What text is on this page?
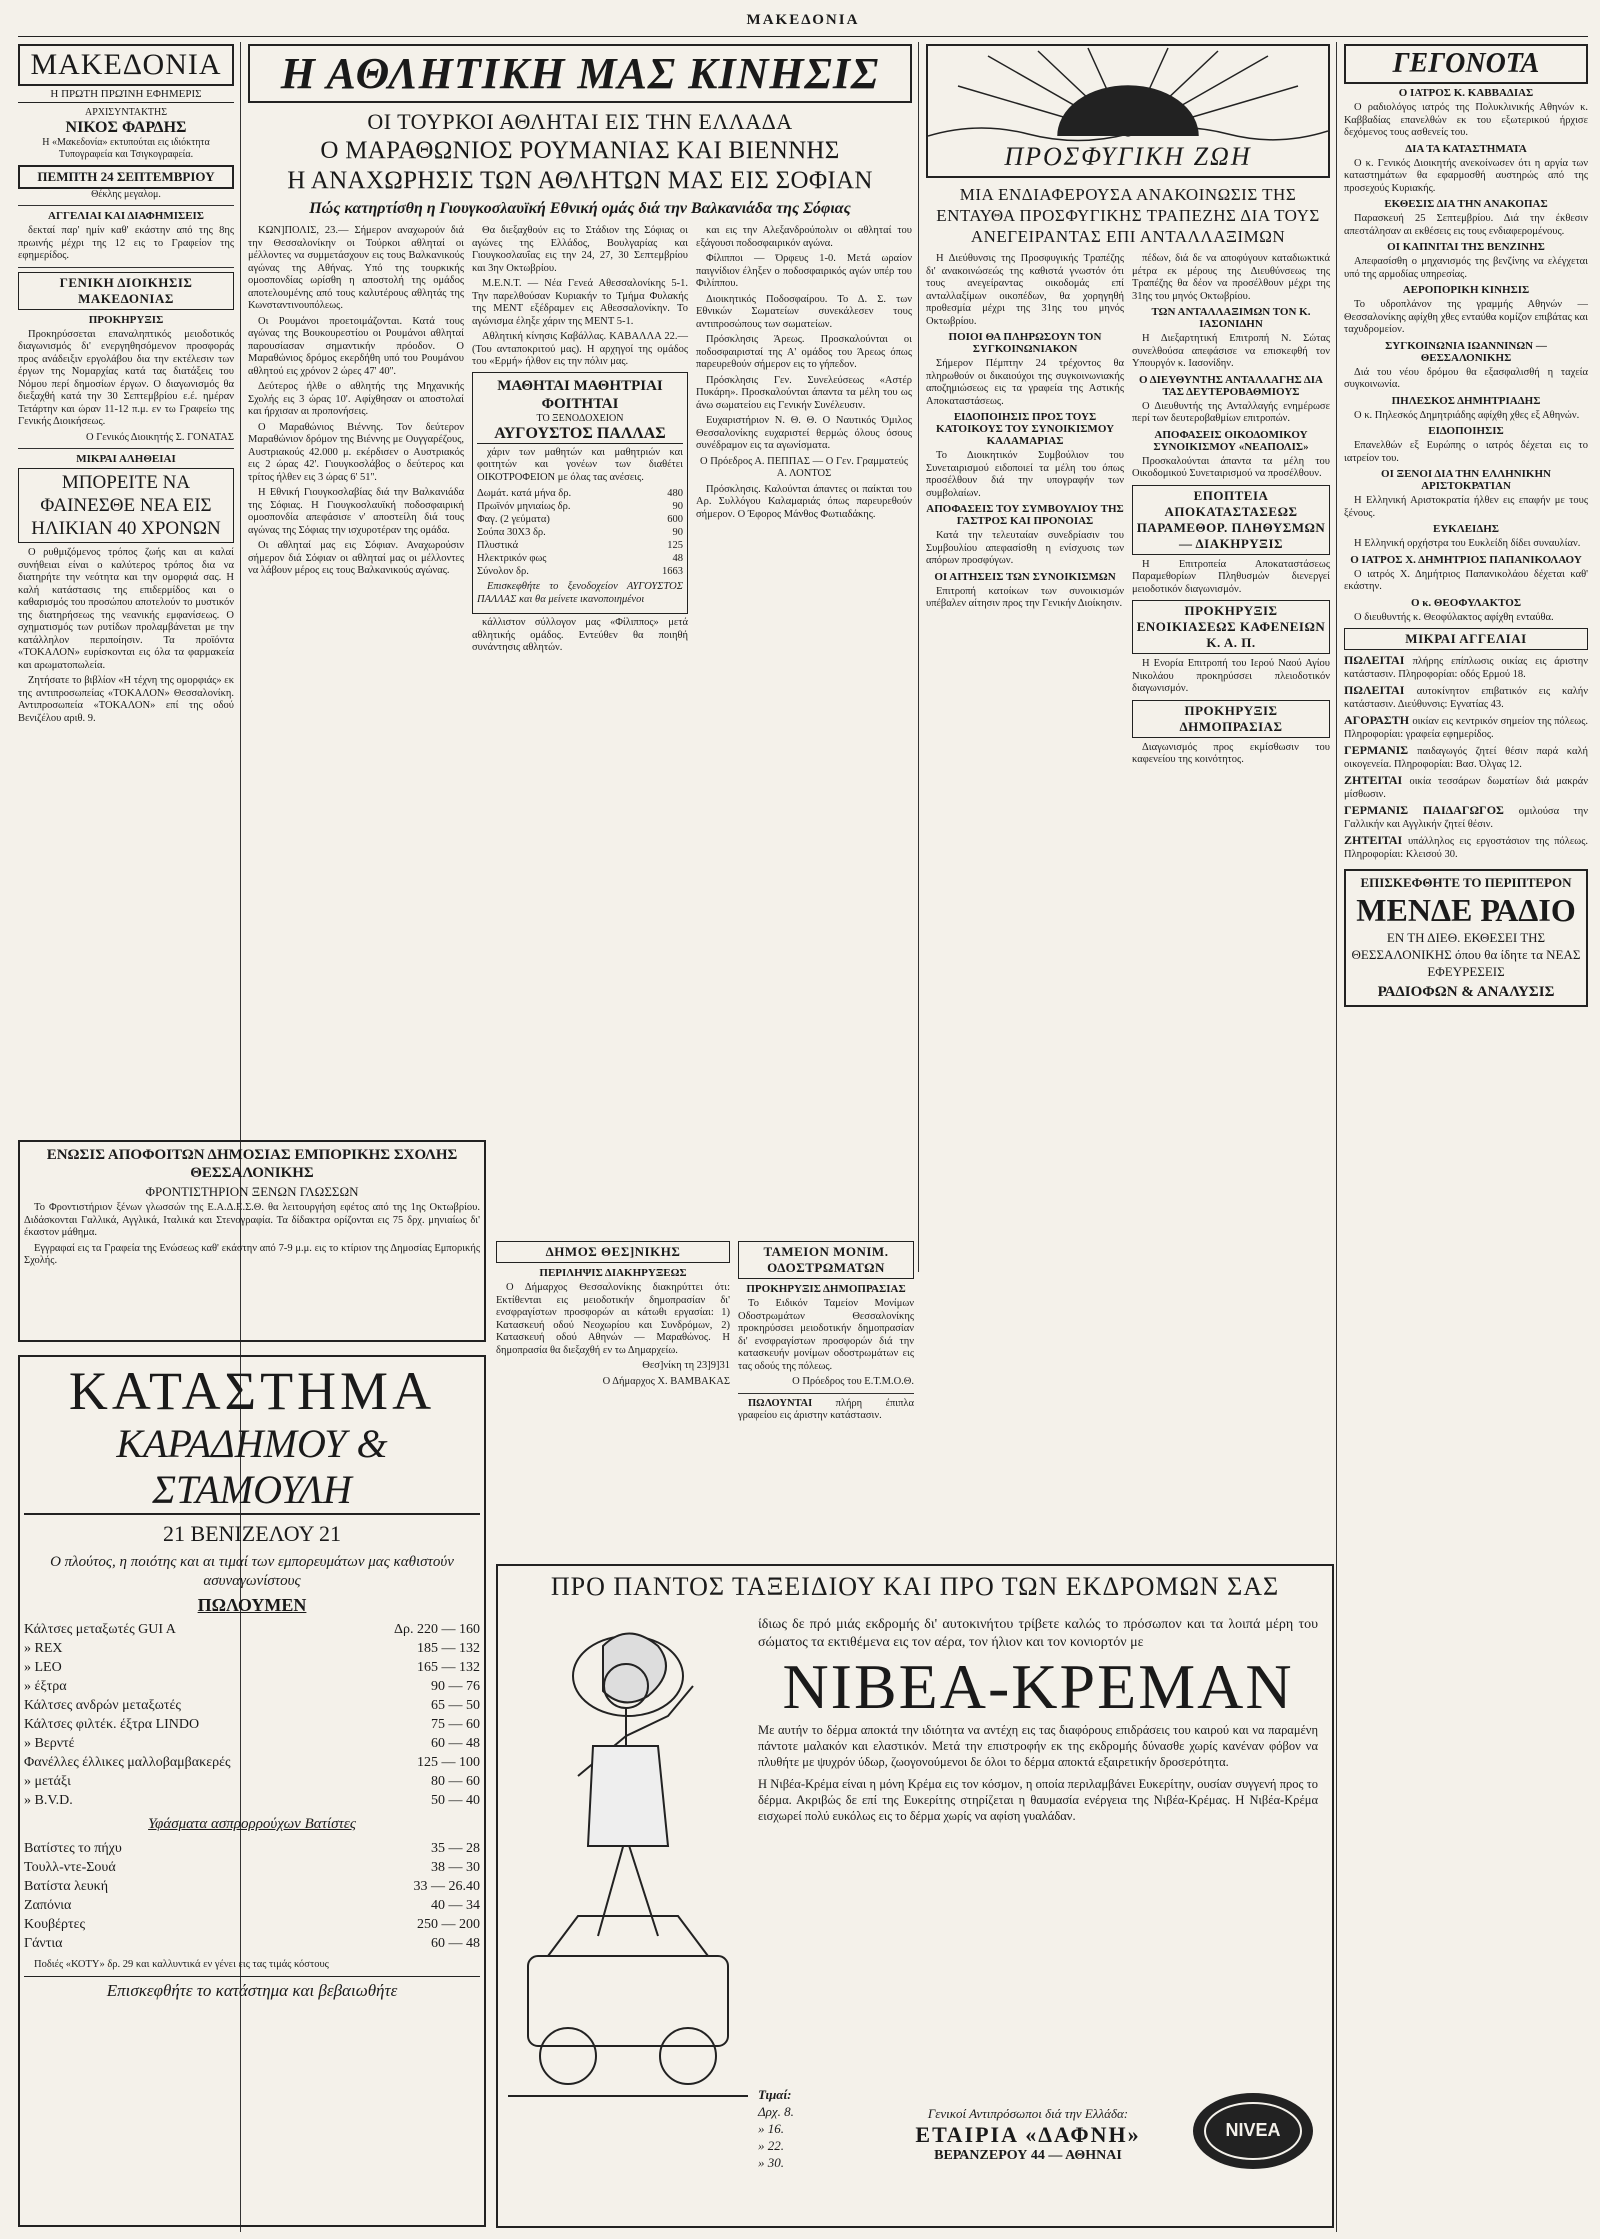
ΜΑΚΕΔΟΝΙΑ
ΜΑΚΕΔΟΝΙΑ
Η ΠΡΩΤΗ ΠΡΩΊΝΗ ΕΦΗΜΕΡΙΣ
ΑΡΧΙΣΥΝΤΑΚΤΗΣ
ΝΙΚΟΣ ΦΑΡΔΗΣ
Η «Μακεδονία» εκτυπούται εις ιδιόκτητα Τυπογραφεία και Τσιγκογραφεία.
ΠΕΜΠΤΗ 24 ΣΕΠΤΕΜΒΡΙΟΥ
Θέκλης μεγαλομ.
ΑΓΓΕΛΙΑΙ ΚΑΙ ΔΙΑΦΗΜΙΣΕΙΣ

δεκταί παρ' ημίν καθ' εκάστην από της 8ης πρωινής μέχρι της 12 εις το Γραφείον της εφημερίδος.

ΓΕΝΙΚΗ ΔΙΟΙΚΗΣΙΣ ΜΑΚΕΔΟΝΙΑΣ
ΠΡΟΚΗΡΥΞΙΣ

Προκηρύσσεται επαναληπτικός μειοδοτικός διαγωνισμός δι' ενεργηθησόμενον προσφοράς προς ανάδειξιν εργολάβου δια την εκτέλεσιν των έργων της Νομαρχίας κατά τας διατάξεις του Νόμου περί δημοσίων έργων. Ο διαγωνισμός θα διεξαχθή κατά την 30 Σεπτεμβρίου ε.έ. ημέραν Τετάρτην και ώραν 11-12 π.μ. εν τω Γραφείω της Γενικής Διοικήσεως.

Ο Γενικός Διοικητής Σ. ΓΟΝΑΤΑΣ

ΜΙΚΡΑΙ ΑΛΗΘΕΙΑΙ
ΜΠΟΡΕΙΤΕ ΝΑ ΦΑΙΝΕΣΘΕ ΝΕΑ ΕΙΣ ΗΛΙΚΙΑΝ 40 ΧΡΟΝΩΝ

Ο ρυθμιζόμενος τρόπος ζωής και αι καλαί συνήθειαι είναι ο καλύτερος τρόπος δια να διατηρήτε την νεότητα και την ομορφιά σας. Η καλή κατάστασις της επιδερμίδος και ο καθαρισμός του προσώπου αποτελούν το μυστικόν της διατηρήσεως της νεανικής εμφανίσεως. Ο σχηματισμός των ρυτίδων προλαμβάνεται με την κατάλληλον περιποίησιν. Τα προϊόντα «ΤΟΚΑΛΟΝ» ευρίσκονται εις όλα τα φαρμακεία και αρωματοπωλεία.

Ζητήσατε το βιβλίον «Η τέχνη της ομορφιάς» εκ της αντιπροσωπείας «ΤΟΚΑΛΟΝ» Θεσσαλονίκη. Αντιπροσωπεία «ΤΟΚΑΛΟΝ» επί της οδού Βενιζέλου αριθ. 9.

Η ΑΘΛΗΤΙΚΗ ΜΑΣ ΚΙΝΗΣΙΣ
ΟΙ ΤΟΥΡΚΟΙ ΑΘΛΗΤΑΙ ΕΙΣ ΤΗΝ ΕΛΛΑΔΑ
Ο ΜΑΡΑΘΩΝΙΟΣ ΡΟΥΜΑΝΙΑΣ ΚΑΙ ΒΙΕΝΝΗΣ
Η ΑΝΑΧΩΡΗΣΙΣ ΤΩΝ ΑΘΛΗΤΩΝ ΜΑΣ ΕΙΣ ΣΟΦΙΑΝ
Πώς κατηρτίσθη η Γιουγκοσλαυϊκή Εθνική ομάς διά την Βαλκανιάδα της Σόφιας

ΚΩΝ]ΠΟΛΙΣ, 23.— Σήμερον αναχωρούν διά την Θεσσαλονίκην οι Τούρκοι αθληταί οι μέλλοντες να συμμετάσχουν εις τους Βαλκανικούς αγώνας της Αθήνας. Υπό της τουρκικής ομοσπονδίας ωρίσθη η αποστολή της ομάδος αποτελουμένης από τους καλυτέρους αθλητάς της Κωνσταντινουπόλεως.

Οι Ρουμάνοι προετοιμάζονται. Κατά τους αγώνας της Βουκουρεστίου οι Ρουμάνοι αθληταί παρουσίασαν σημαντικήν πρόοδον. Ο Μαραθώνιος δρόμος εκερδήθη υπό του Ρουμάνου αθλητού εις χρόνον 2 ώρες 47' 40''.

Δεύτερος ήλθε ο αθλητής της Μηχανικής Σχολής εις 3 ώρας 10'. Αφίχθησαν οι αποστολαί και ήρχισαν αι προπονήσεις.

Ο Μαραθώνιος Βιέννης. Τον δεύτερον Μαραθώνιον δρόμον της Βιέννης με Ουγγαρέζους, Αυστριακούς 42.000 μ. εκέρδισεν ο Αυστριακός εις 2 ώρας 42'. Γιουγκοσλάβος ο δεύτερος και τρίτος ήλθεν εις 3 ώρας 6' 51''.

Η Εθνική Γιουγκοσλαβίας διά την Βαλκανιάδα της Σόφιας. Η Γιουγκοσλαυϊκή ποδοσφαιρική ομοσπονδία απεφάσισε ν' αποστείλη διά τους αγώνας της Σόφιας την ισχυροτέραν της ομάδα.

Οι αθληταί μας εις Σόφιαν. Αναχωρούσιν σήμερον διά Σόφιαν οι αθληταί μας οι μέλλοντες να λάβουν μέρος εις τους Βαλκανικούς αγώνας.

Θα διεξαχθούν εις το Στάδιον της Σόφιας οι αγώνες της Ελλάδος, Βουλγαρίας και Γιουγκοσλαυΐας εις την 24, 27, 30 Σεπτεμβρίου και 3ην Οκτωβρίου.

Μ.Ε.Ν.Τ. — Νέα Γενεά Αθεσσαλονίκης 5-1. Την παρελθούσαν Κυριακήν το Τμήμα Φυλακής της ΜΕΝΤ εξέδραμεν εις Αθεσσαλονίκην. Το αγώνισμα έληξε χάριν της ΜΕΝΤ 5-1.

Αθλητική κίνησις Καβάλλας. ΚΑΒΑΛΛΑ 22.— (Του ανταποκριτού μας). Η αρχηγοί της ομάδος του «Ερμή» ήλθον εις την πόλιν μας.

ΜΑΘΗΤΑΙ ΜΑΘΗΤΡΙΑΙ ΦΟΙΤΗΤΑΙ
ΤΟ ΞΕΝΟΔΟΧΕΙΟΝ
ΑΥΓΟΥΣΤΟΣ ΠΑΛΛΑΣ

χάριν των μαθητών και μαθητριών και φοιτητών και γονέων των διαθέτει ΟΙΚΟΤΡΟΦΕΙΟΝ με όλας τας ανέσεις.

Δωμάτ. κατά μήνα δρ.	480
Πρωϊνόν μηνιαίως δρ.	90
Φαγ. (2 γεύματα)	600
Σούπα 30Χ3 δρ.	90
Πλυστικά	125
Ηλεκτρικόν φως	48
Σύνολον δρ.	1663

Επισκεφθήτε το ξενοδοχείον ΑΥΓΟΥΣΤΟΣ ΠΑΛΛΑΣ και θα μείνετε ικανοποιημένοι

κάλλιστον σύλλογον μας «Φίλιππος» μετά αθλητικής ομάδος. Εντεύθεν θα ποιηθή συνάντησις αθλητών.

και εις την Αλεξανδρούπολιν οι αθληταί του εξάγουσι ποδοσφαιρικόν αγώνα.

Φίλιπποι — Όρφευς 1-0. Μετά ωραίον παιγνίδιον έληξεν ο ποδοσφαιρικός αγών υπέρ του Φιλίππου.

Διοικητικός Ποδοσφαίρου. Το Δ. Σ. των Εθνικών Σωματείων συνεκάλεσεν τους αντιπροσώπους των σωματείων.

Πρόσκλησις Άρεως. Προσκαλούνται οι ποδοσφαιρισταί της Α' ομάδος του Άρεως όπως παρευρεθούν σήμερον εις το γήπεδον.

Πρόσκλησις Γεν. Συνελεύσεως «Αστέρ Πυκάρη». Προσκαλούνται άπαντα τα μέλη του ως άνω σωματείου εις Γενικήν Συνέλευσιν.

Ευχαριστήριον Ν. Θ. Θ. Ο Ναυτικός Όμιλος Θεσσαλονίκης ευχαριστεί θερμώς όλους όσους συνέδραμον εις τα αγωνίσματα.

Ο Πρόεδρος Α. ΠΕΠΠΑΣ — Ο Γεν. Γραμματεύς Α. ΛΟΝΤΟΣ

Πρόσκλησις. Καλούνται άπαντες οι παίκται του Αρ. Συλλόγου Καλαμαριάς όπως παρευρεθούν σήμερον. Ο Έφορος Μάνθος Φωτιαδάκης.

ΠΡΟΣΦΥΓΙΚΗ ΖΩΗ
ΜΙΑ ΕΝΔΙΑΦΕΡΟΥΣΑ ΑΝΑΚΟΙΝΩΣΙΣ ΤΗΣ ΕΝΤΑΥΘΑ ΠΡΟΣΦΥΓΙΚΗΣ ΤΡΑΠΕΖΗΣ ΔΙΑ ΤΟΥΣ ΑΝΕΓΕΙΡΑΝΤΑΣ ΕΠΙ ΑΝΤΑΛΛΑΞΙΜΩΝ

Η Διεύθυνσις της Προσφυγικής Τραπέζης δι' ανακοινώσεώς της καθιστά γνωστόν ότι τους ανεγείραντας οικοδομάς επί ανταλλαξίμων οικοπέδων, θα χορηγηθή προθεσμία μέχρι της 31ης του μηνός Οκτωβρίου.

ΠΟΙΟΙ ΘΑ ΠΛΗΡΩΣΟΥΝ ΤΟΝ ΣΥΓΚΟΙΝΩΝΙΑΚΟΝ

Σήμερον Πέμπτην 24 τρέχοντος θα πληρωθούν οι δικαιούχοι της συγκοινωνιακής αποζημιώσεως εις τα γραφεία της Αστικής Αποκαταστάσεως.

ΕΙΔΟΠΟΙΗΣΙΣ ΠΡΟΣ ΤΟΥΣ ΚΑΤΟΙΚΟΥΣ ΤΟΥ ΣΥΝΟΙΚΙΣΜΟΥ ΚΑΛΑΜΑΡΙΑΣ

Το Διοικητικόν Συμβούλιον του Συνεταιρισμού ειδοποιεί τα μέλη του όπως προσέλθουν διά την υπογραφήν των συμβολαίων.

ΑΠΟΦΑΣΕΙΣ ΤΟΥ ΣΥΜΒΟΥΛΙΟΥ ΤΗΣ ΓΑΣΤΡΟΣ ΚΑΙ ΠΡΟΝΟΙΑΣ

Κατά την τελευταίαν συνεδρίασιν του Συμβουλίου απεφασίσθη η ενίσχυσις των απόρων προσφύγων.

ΟΙ ΑΙΤΗΣΕΙΣ ΤΩΝ ΣΥΝΟΙΚΙΣΜΩΝ

Επιτροπή κατοίκων των συνοικισμών υπέβαλεν αίτησιν προς την Γενικήν Διοίκησιν.

πέδων, διά δε να αποφύγουν καταδιωκτικά μέτρα εκ μέρους της Διευθύνσεως της Τραπέζης θα δέον να προσέλθουν μέχρι της 31ης του μηνός Οκτωβρίου.

ΤΩΝ ΑΝΤΑΛΛΑΞΙΜΩΝ ΤΟΝ Κ. ΙΑΣΟΝΙΔΗΝ

Η Διεξαρτητική Επιτροπή Ν. Σώτας συνελθούσα απεφάσισε να επισκεφθή τον Υπουργόν κ. Ιασονίδην.

Ο ΔΙΕΥΘΥΝΤΗΣ ΑΝΤΑΛΛΑΓΗΣ ΔΙΑ ΤΑΣ ΔΕΥΤΕΡΟΒΑΘΜΙΟΥΣ

Ο Διευθυντής της Ανταλλαγής ενημέρωσε περί των δευτεροβαθμίων επιτροπών.

ΑΠΟΦΑΣΕΙΣ ΟΙΚΟΔΟΜΙΚΟΥ ΣΥΝΟΙΚΙΣΜΟΥ «ΝΕΑΠΟΛΙΣ»

Προσκαλούνται άπαντα τα μέλη του Οικοδομικού Συνεταιρισμού να προσέλθουν.

ΕΠΟΠΤΕΙΑ ΑΠΟΚΑΤΑΣΤΑΣΕΩΣ ΠΑΡΑΜΕΘΟΡ. ΠΛΗΘΥΣΜΩΝ — ΔΙΑΚΗΡΥΞΙΣ

Η Επιτροπεία Αποκαταστάσεως Παραμεθορίων Πληθυσμών διενεργεί μειοδοτικόν διαγωνισμόν.

ΠΡΟΚΗΡΥΞΙΣ ΕΝΟΙΚΙΑΣΕΩΣ ΚΑΦΕΝΕΙΩΝ Κ. Α. Π.

Η Ενορία Επιτροπή του Ιερού Ναού Αγίου Νικολάου προκηρύσσει πλειοδοτικόν διαγωνισμόν.

ΠΡΟΚΗΡΥΞΙΣ ΔΗΜΟΠΡΑΣΙΑΣ

Διαγωνισμός προς εκμίσθωσιν του καφενείου της κοινότητος.

ΓΕΓΟΝΟΤΑ
Ο ΙΑΤΡΟΣ Κ. ΚΑΒΒΑΔΙΑΣ

Ο ραδιολόγος ιατρός της Πολυκλινικής Αθηνών κ. Καββαδίας επανελθών εκ του εξωτερικού ήρχισε δεχόμενος τους ασθενείς του.

ΔΙΑ ΤΑ ΚΑΤΑΣΤΗΜΑΤΑ

Ο κ. Γενικός Διοικητής ανεκοίνωσεν ότι η αργία των καταστημάτων θα εφαρμοσθή αυστηρώς από της προσεχούς Κυριακής.

ΕΚΘΕΣΙΣ ΔΙΑ ΤΗΝ ΑΝΑΚΟΠΑΣ

Παρασκευή 25 Σεπτεμβρίου. Διά την έκθεσιν απεστάλησαν αι εκθέσεις εις τους ενδιαφερομένους.

ΟΙ ΚΑΠΝΙΤΑΙ ΤΗΣ ΒΕΝΖΙΝΗΣ

Απεφασίσθη ο μηχανισμός της βενζίνης να ελέγχεται υπό της αρμοδίας υπηρεσίας.

ΑΕΡΟΠΟΡΙΚΗ ΚΙΝΗΣΙΣ

Το υδροπλάνον της γραμμής Αθηνών — Θεσσαλονίκης αφίχθη χθες ενταύθα κομίζον επιβάτας και ταχυδρομείον.

ΣΥΓΚΟΙΝΩΝΙΑ ΙΩΑΝΝΙΝΩΝ — ΘΕΣΣΑΛΟΝΙΚΗΣ

Διά του νέου δρόμου θα εξασφαλισθή η ταχεία συγκοινωνία.

ΠΗΛΕΣΚΟΣ ΔΗΜΗΤΡΙΑΔΗΣ

Ο κ. Πηλεσκός Δημητριάδης αφίχθη χθες εξ Αθηνών.

ΕΙΔΟΠΟΙΗΣΙΣ

Επανελθών εξ Ευρώπης ο ιατρός δέχεται εις το ιατρείον του.

ΟΙ ΞΕΝΟΙ ΔΙΑ ΤΗΝ ΕΛΛΗΝΙΚΗΝ ΑΡΙΣΤΟΚΡΑΤΙΑΝ

Η Ελληνική Αριστοκρατία ήλθεν εις επαφήν με τους ξένους.

ΕΥΚΛΕΙΔΗΣ

Η Ελληνική ορχήστρα του Ευκλείδη δίδει συναυλίαν.

Ο ΙΑΤΡΟΣ Χ. ΔΗΜΗΤΡΙΟΣ ΠΑΠΑΝΙΚΟΛΑΟΥ

Ο ιατρός Χ. Δημήτριος Παπανικολάου δέχεται καθ' εκάστην.

Ο κ. ΘΕΟΦΥΛΑΚΤΟΣ

Ο διευθυντής κ. Θεοφύλακτος αφίχθη ενταύθα.

ΜΙΚΡΑΙ ΑΓΓΕΛΙΑΙ
ΠΩΛΕΙΤΑΙ πλήρης επίπλωσις οικίας εις άριστην κατάστασιν. Πληροφορίαι: οδός Ερμού 18.
ΠΩΛΕΙΤΑΙ αυτοκίνητον επιβατικόν εις καλήν κατάστασιν. Διεύθυνσις: Εγνατίας 43.
ΑΓΟΡΑΣΤΗ οικίαν εις κεντρικόν σημείον της πόλεως. Πληροφορίαι: γραφεία εφημερίδος.
ΓΕΡΜΑΝΙΣ παιδαγωγός ζητεί θέσιν παρά καλή οικογενεία. Πληροφορίαι: Βασ. Όλγας 12.
ΖΗΤΕΙΤΑΙ οικία τεσσάρων δωματίων διά μακράν μίσθωσιν.
ΓΕΡΜΑΝΙΣ ΠΑΙΔΑΓΩΓΟΣ ομιλούσα την Γαλλικήν και Αγγλικήν ζητεί θέσιν.
ΖΗΤΕΙΤΑΙ υπάλληλος εις εργοστάσιον της πόλεως. Πληροφορίαι: Κλεισού 30.
ΕΠΙΣΚΕΦΘΗΤΕ ΤΟ ΠΕΡΙΠΤΕΡΟΝ
ΜΕΝΔΕ ΡΑΔΙΟ
ΕΝ ΤΗ ΔΙΕΘ. ΕΚΘΕΣΕΙ ΤΗΣ ΘΕΣΣΑΛΟΝΙΚΗΣ όπου θα ίδητε τα ΝΕΑΣ ΕΦΕΥΡΕΣΕΙΣ
ΡΑΔΙΟΦΩΝ & ΑΝΑΛΥΣΙΣ
ΕΝΩΣΙΣ ΑΠΟΦΟΙΤΩΝ ΔΗΜΟΣΙΑΣ ΕΜΠΟΡΙΚΗΣ ΣΧΟΛΗΣ ΘΕΣΣΑΛΟΝΙΚΗΣ
ΦΡΟΝΤΙΣΤΗΡΙΟΝ ΞΕΝΩΝ ΓΛΩΣΣΩΝ

Το Φροντιστήριον ξένων γλωσσών της Ε.Α.Δ.Ε.Σ.Θ. θα λειτουργήση εφέτος από της 1ης Οκτωβρίου. Διδάσκονται Γαλλικά, Αγγλικά, Ιταλικά και Στενογραφία. Τα δίδακτρα ορίζονται εις 75 δρχ. μηνιαίως δι' έκαστον μάθημα.

Εγγραφαί εις τα Γραφεία της Ενώσεως καθ' εκάστην από 7-9 μ.μ. εις το κτίριον της Δημοσίας Εμπορικής Σχολής.

ΚΑΤΑΣΤΗΜΑ
ΚΑΡΑΔΗΜΟΥ & ΣΤΑΜΟΥΛΗ
21 ΒΕΝΙΖΕΛΟΥ 21
Ο πλούτος, η ποιότης και αι τιμαί των εμπορευμάτων μας καθιστούν ασυναγωνίστους
ΠΩΛΟΥΜΕΝ
Κάλτσες μεταξωτές GUI A	Δρ. 220 — 160
» REX	185 — 132
» LEO	165 — 132
» έξτρα	90 — 76
Κάλτσες ανδρών μεταξωτές	65 — 50
Κάλτσες φιλτέκ. έξτρα LINDO	75 — 60
» Βερντέ	60 — 48
Φανέλλες έλλικες μαλλοβαμβακερές	125 — 100
» μετάξι	80 — 60
» B.V.D.	50 — 40
Υφάσματα ασπρορρούχων Βατίστες
Βατίστες το πήχυ	35 — 28
Τουλλ-ντε-Σουά	38 — 30
Βατίστα λευκή	33 — 26.40
Ζαπόνια	40 — 34
Κουβέρτες	250 — 200
Γάντια	60 — 48

Ποδιές «ΚΟΤΥ» δρ. 29 και καλλυντικά εν γένει εις τας τιμάς κόστους

Επισκεφθήτε το κατάστημα και βεβαιωθήτε
ΔΗΜΟΣ ΘΕΣ]ΝΙΚΗΣ
ΠΕΡΙΛΗΨΙΣ ΔΙΑΚΗΡΥΞΕΩΣ

Ο Δήμαρχος Θεσσαλονίκης διακηρύττει ότι: Εκτίθενται εις μειοδοτικήν δημοπρασίαν δι' ενσφραγίστων προσφορών αι κάτωθι εργασίαι: 1) Κατασκευή οδού Νεοχωρίου και Συνδρόμων, 2) Κατασκευή οδού Αθηνών — Μαραθώνος. Η δημοπρασία θα διεξαχθή εν τω Δημαρχείω.

Θεσ]νίκη τη 23]9]31

Ο Δήμαρχος Χ. ΒΑΜΒΑΚΑΣ

ΤΑΜΕΙΟΝ ΜΟΝΙΜ. ΟΔΟΣΤΡΩΜΑΤΩΝ
ΠΡΟΚΗΡΥΞΙΣ ΔΗΜΟΠΡΑΣΙΑΣ

Το Ειδικόν Ταμείον Μονίμων Οδοστρωμάτων Θεσσαλονίκης προκηρύσσει μειοδοτικήν δημοπρασίαν δι' ενσφραγίστων προσφορών διά την κατασκευήν μονίμων οδοστρωμάτων εις τας οδούς της πόλεως.

Ο Πρόεδρος του Ε.Τ.Μ.Ο.Θ.

ΠΩΛΟΥΝΤΑΙ πλήρη έπιπλα γραφείου εις άριστην κατάστασιν.

ΠΡΟ ΠΑΝΤΟΣ ΤΑΞΕΙΔΙΟΥ ΚΑΙ ΠΡΟ ΤΩΝ ΕΚΔΡΟΜΩΝ ΣΑΣ
ίδιως δε πρό μιάς εκδρομής δι' αυτοκινήτου τρίβετε καλώς το πρόσωπον και τα λοιπά μέρη του σώματος τα εκτιθέμενα εις τον αέρα, τον ήλιον και τον κονιορτόν με
ΝΙΒΕΑ-ΚΡΕΜΑΝ
Με αυτήν το δέρμα αποκτά την ιδιότητα να αντέχη εις τας διαφόρους επιδράσεις του καιρού και να παραμένη πάντοτε μαλακόν και ελαστικόν. Μετά την επιστροφήν εκ της εκδρομής δύνασθε χωρίς κανέναν φόβον να πλυθήτε με ψυχρόν ύδωρ, ζωογονούμενοι δε όλοι το δέρμα αποκτά εξαιρετικήν δροσερότητα.
Η Νιβέα-Κρέμα είναι η μόνη Κρέμα εις τον κόσμον, η οποία περιλαμβάνει Ευκερίτην, ουσίαν συγγενή προς το δέρμα. Ακριβώς δε επί της Ευκερίτης στηρίζεται η θαυμασία ενέργεια της Νιβέα-Κρέμας. Η Νιβέα-Κρέμα εισχωρεί πολύ ευκόλως εις το δέρμα χωρίς να αφίση γυαλάδαν.
Τιμαί:
Δρχ. 8.
» 16.
» 22.
» 30.
Γενικοί Αντιπρόσωποι διά την Ελλάδα:
ΕΤΑΙΡΙΑ «ΔΑΦΝΗ»
ΒΕΡΑΝΖΕΡΟΥ 44 — ΑΘΗΝΑΙ
NIVEA
